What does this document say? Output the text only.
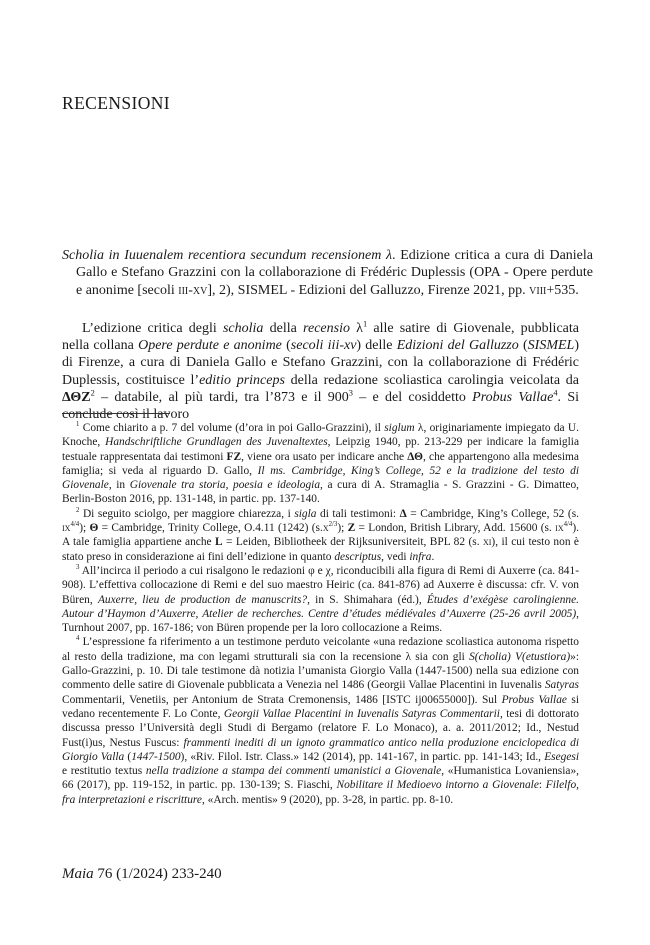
RECENSIONI

Scholia in Iuuenalem recentiora secundum recensionem λ. Edizione critica a cura di Daniela Gallo e Stefano Grazzini con la collaborazione di Frédéric Duplessis (OPA - Opere perdute e anonime [secoli iii-xv], 2), SISMEL - Edizioni del Galluzzo, Firenze 2021, pp. viii+535.

L’edizione critica degli scholia della recensio $\lambda^1$ alle satire di Giovenale, pubblicata nella collana Opere perdute e anonime (secoli iii-xv) delle Edizioni del Galluzzo (SISMEL) di Firenze, a cura di Daniela Gallo e Stefano Grazzini, con la collaborazione di Frédéric Duplessis, costituisce l’editio princeps della redazione scoliastica carolingia veicolata da ΔΘΖ$^2$ – databile, al più tardi, tra l’873 e il $900^3$ – e del cosiddetto Probus Vallae$^4$. Si conclude così il lavoro

$^1$ Come chiarito a p. 7 del volume (d’ora in poi Gallo-Grazzini), il siglum λ, originariamente impiegato da U. Knoche, Handschriftliche Grundlagen des Juvenaltextes, Leipzig 1940, pp. 213-229 per indicare la famiglia testuale rappresentata dai testimoni FZ, viene ora usato per indicare anche ΔΘ, che appartengono alla medesima famiglia; si veda al riguardo D. Gallo, Il ms. Cambridge, King’s College, 52 e la tradizione del testo di Giovenale, in Giovenale tra storia, poesia e ideologia, a cura di A. Stramaglia - S. Grazzini - G. Dimatteo, Berlin-Boston 2016, pp. 131-148, in partic. pp. 137-140.

$^2$ Di seguito sciolgo, per maggiore chiarezza, i sigla di tali testimoni: Δ = Cambridge, King’s College, 52 (s. $ix^{4/4}$); Θ = Cambridge, Trinity College, O.4.11 (1242) $(s.x^{2/3})$; Z = London, British Library, Add. 15600 (s. $ix^{4/4}$). A tale famiglia appartiene anche L = Leiden, Bibliotheek der Rijksuniversiteit, BPL 82 (s. xi), il cui testo non è stato preso in considerazione ai fini dell’edizione in quanto descriptus, vedi infra.

$^3$ All’incirca il periodo a cui risalgono le redazioni φ e χ, riconducibili alla figura di Remi di Auxerre (ca. 841-908). L’effettiva collocazione di Remi e del suo maestro Heiric (ca. 841-876) ad Auxerre è discussa: cfr. V. von Büren, Auxerre, lieu de production de manuscrits?, in S. Shimahara (éd.), Études d’exégèse carolingienne. Autour d’Haymon d’Auxerre, Atelier de recherches. Centre d’études médiévales d’Auxerre (25-26 avril 2005), Turnhout 2007, pp. 167-186; von Büren propende per la loro collocazione a Reims.

$^4$ L’espressione fa riferimento a un testimone perduto veicolante «una redazione scoliastica autonoma rispetto al resto della tradizione, ma con legami strutturali sia con la recensione λ sia con gli S(cholia) V(etustiora)»: Gallo-Grazzini, p. 10. Di tale testimone dà notizia l’umanista Giorgio Valla (1447-1500) nella sua edizione con commento delle satire di Giovenale pubblicata a Venezia nel 1486 (Georgii Vallae Placentini in Iuvenalis Satyras Commentarii, Venetiis, per Antonium de Strata Cremonensis, 1486 [ISTC ij00655000]). Sul Probus Vallae si vedano recentemente F. Lo Conte, Georgii Vallae Placentini in Iuvenalis Satyras Commentarii, tesi di dottorato discussa presso l’Università degli Studi di Bergamo (relatore F. Lo Monaco), a. a. 2011/2012; Id., Nestud Fust(i)us, Nestus Fuscus: frammenti inediti di un ignoto grammatico antico nella produzione enciclopedica di Giorgio Valla (1447-1500), «Riv. Filol. Istr. Class.» 142 (2014), pp. 141-167, in partic. pp. 141-143; Id., Esegesi e restitutio textus nella tradizione a stampa dei commenti umanistici a Giovenale, «Humanistica Lovaniensia», 66 (2017), pp. 119-152, in partic. pp. 130-139; S. Fiaschi, Nobilitare il Medioevo intorno a Giovenale: Filelfo, fra interpretazioni e riscritture, «Arch. mentis» 9 (2020), pp. 3-28, in partic. pp. 8-10.

Maia 76 (1/2024) 233-240
